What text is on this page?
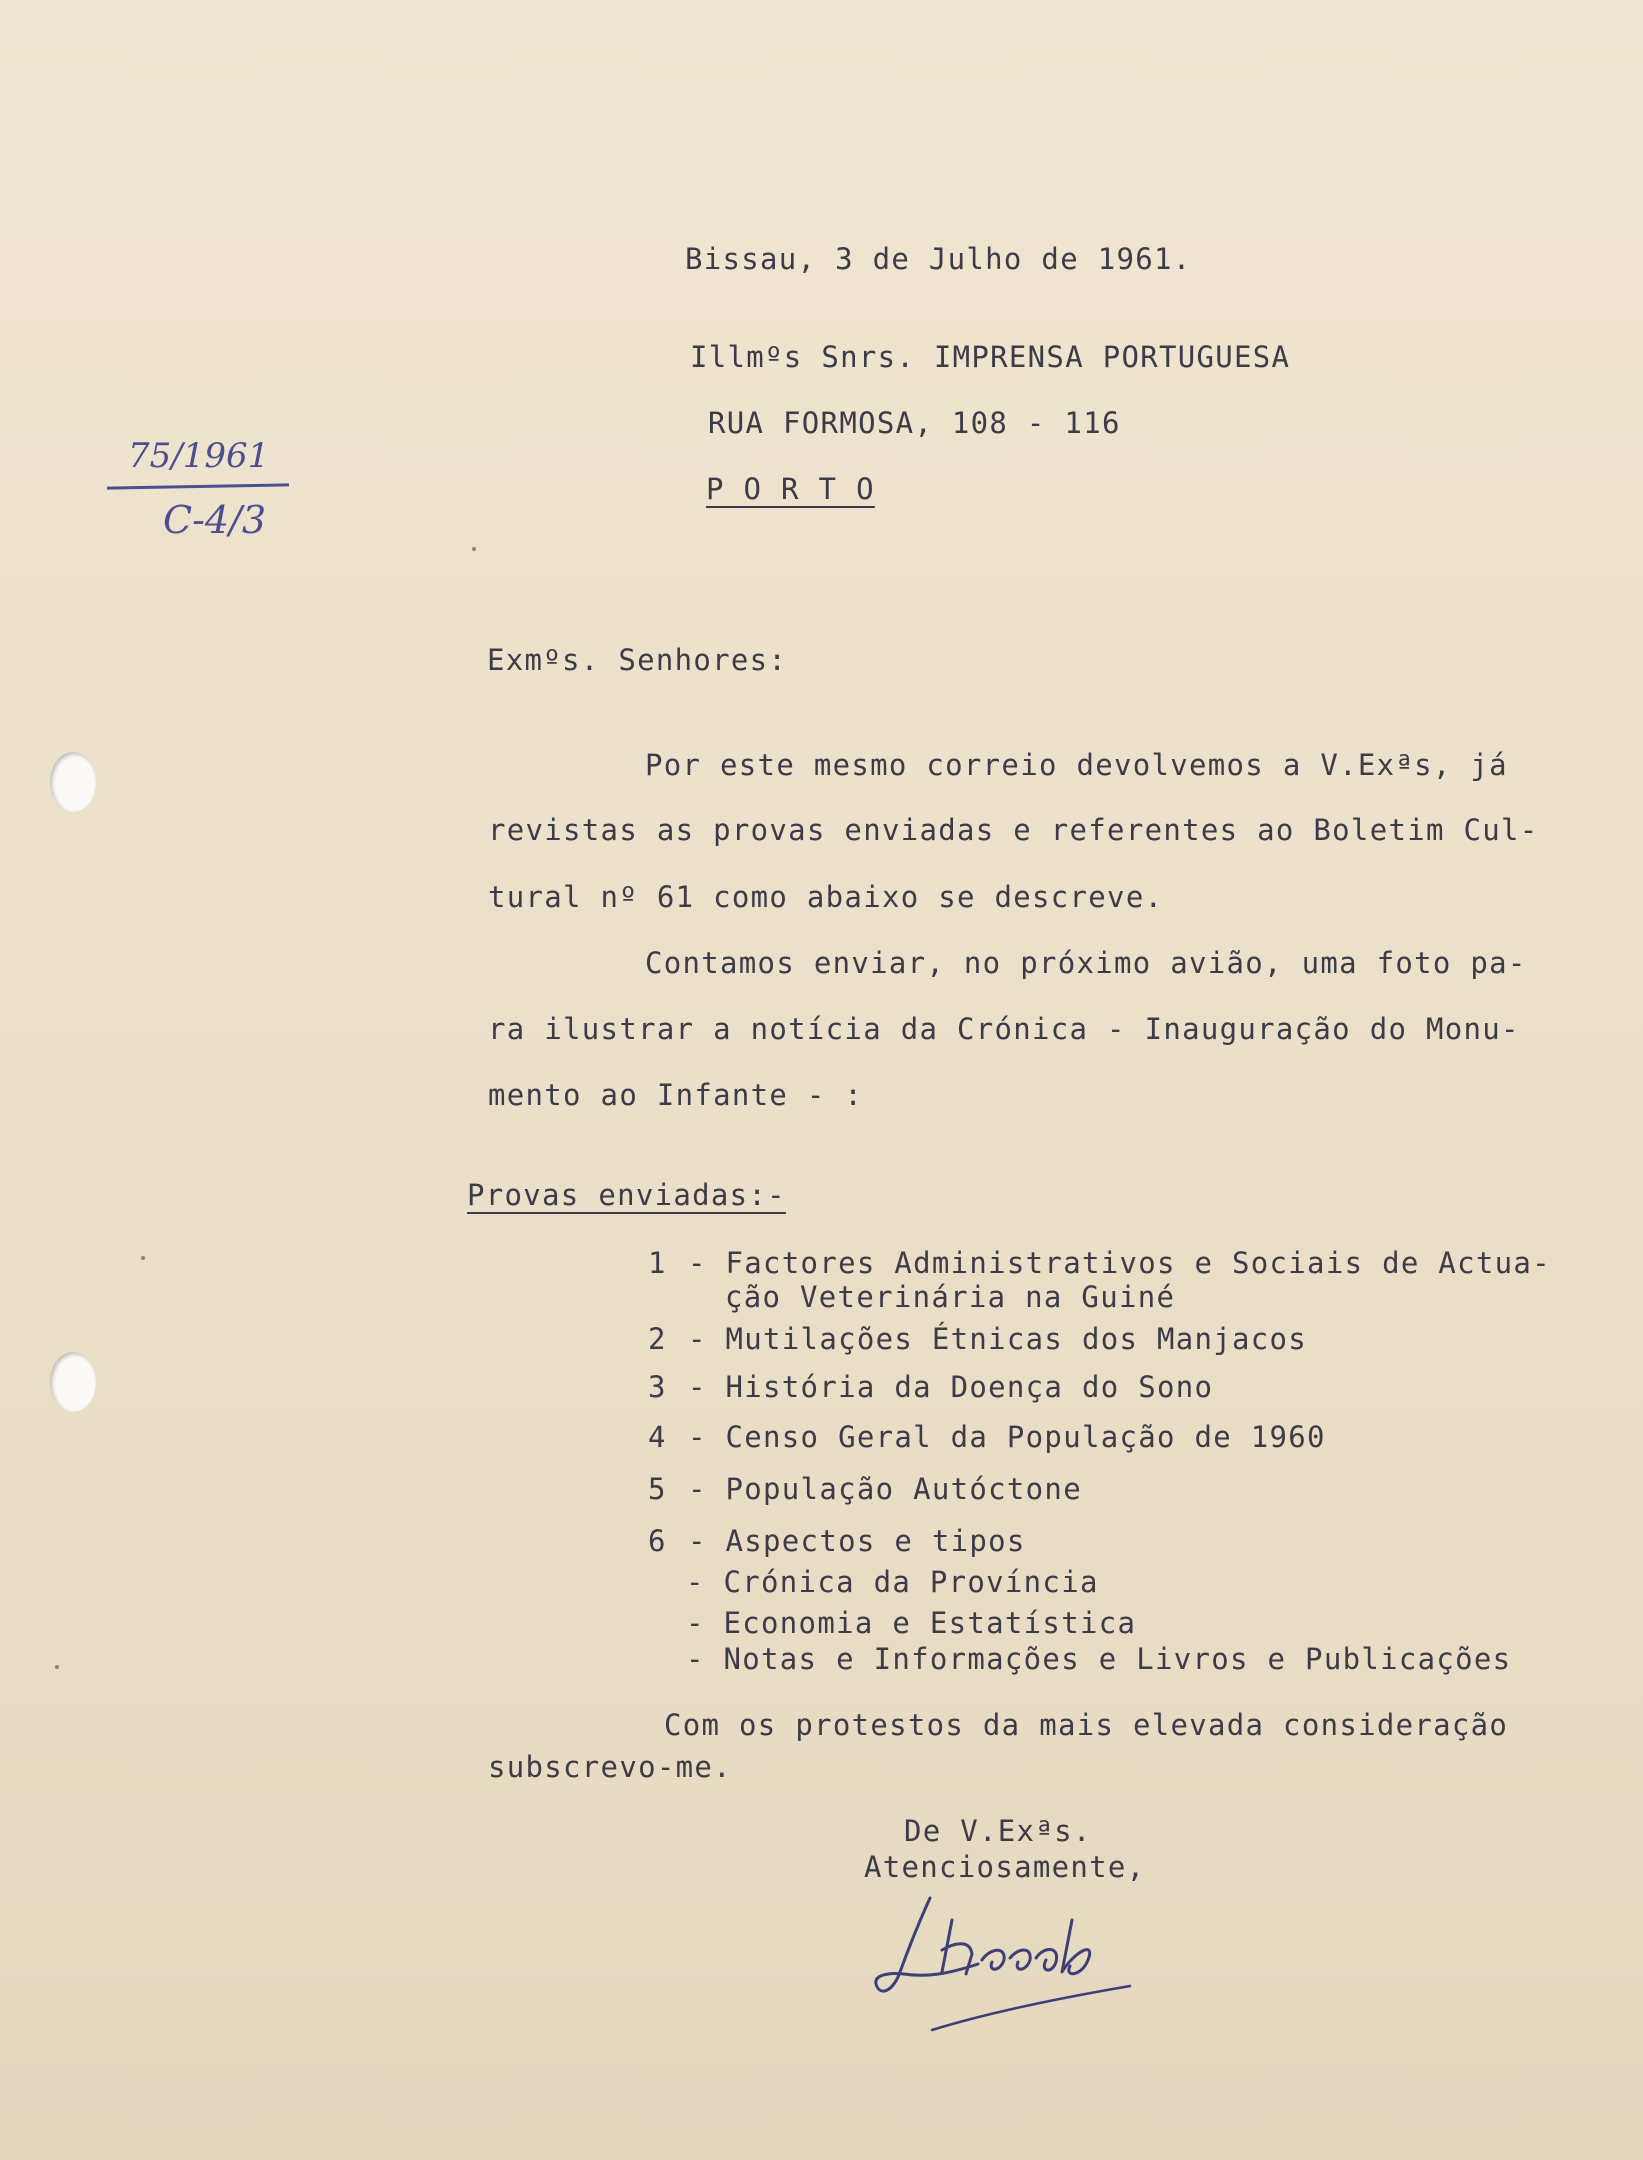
75/1961
C-4/3
Bissau, 3 de Julho de 1961.
Illmºs Snrs. IMPRENSA PORTUGUESA
RUA FORMOSA, 108 - 116
P O R T O
Exmºs. Senhores:
Por este mesmo correio devolvemos a V.Exªs, já
revistas as provas enviadas e referentes ao Boletim Cul-
tural nº 61 como abaixo se descreve.
Contamos enviar, no próximo avião, uma foto pa-
ra ilustrar a notícia da Crónica - Inauguração do Monu-
mento ao Infante - :
Provas enviadas:-
1 - Factores Administrativos e Sociais de Actua-
ção Veterinária na Guiné
2 - Mutilações Étnicas dos Manjacos
3 - História da Doença do Sono
4 - Censo Geral da População de 1960
5 - População Autóctone
6 - Aspectos e tipos
- Crónica da Província
- Economia e Estatística
- Notas e Informações e Livros e Publicações
Com os protestos da mais elevada consideração
subscrevo-me.
De V.Exªs.
Atenciosamente,
